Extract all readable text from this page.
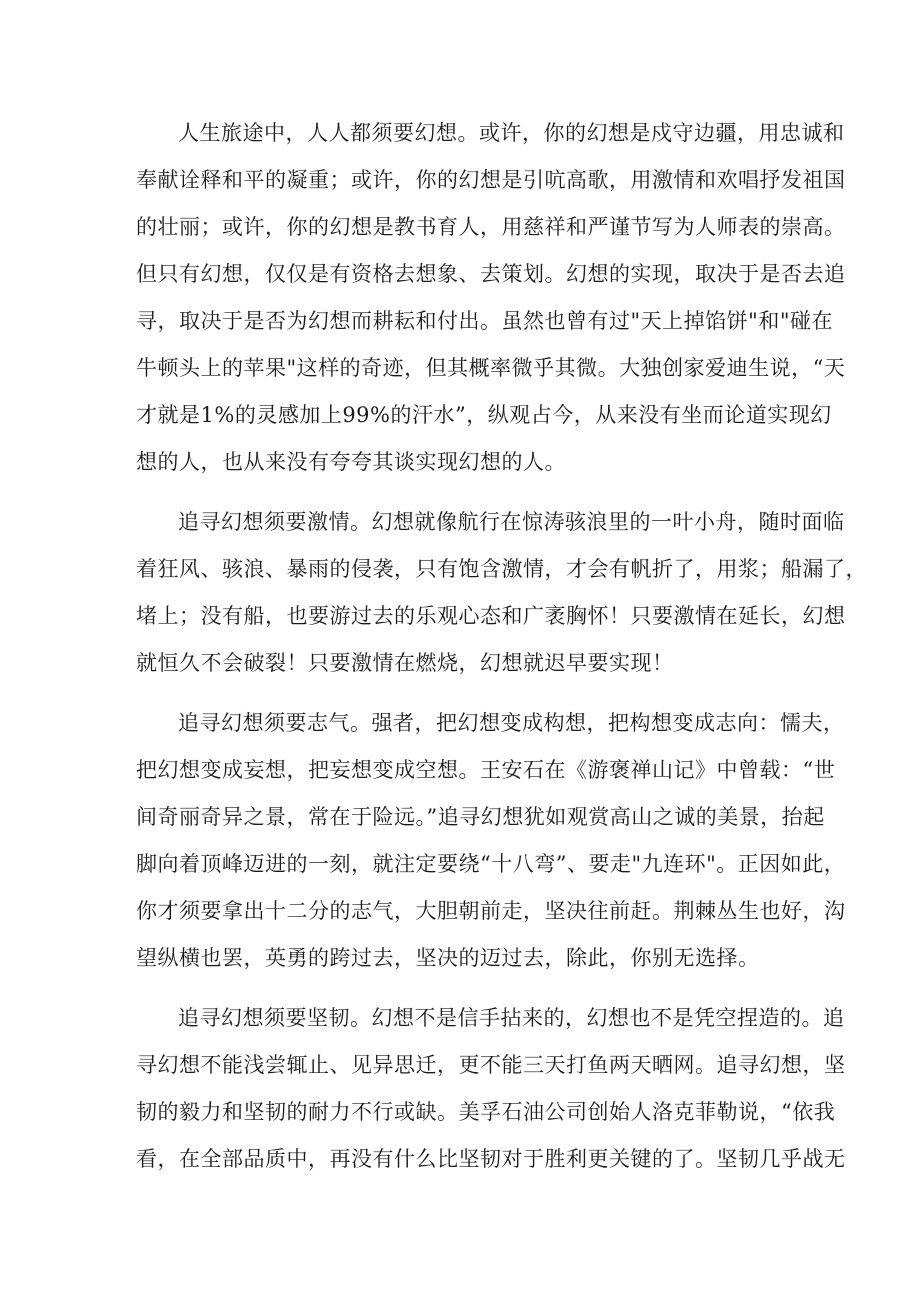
人生旅途中，人人都须要幻想。或许，你的幻想是戍守边疆，用忠诚和
奉献诠释和平的凝重；或许，你的幻想是引吭高歌，用激情和欢唱抒发祖国
的壮丽；或许，你的幻想是教书育人，用慈祥和严谨节写为人师表的崇高。
但只有幻想，仅仅是有资格去想象、去策划。幻想的实现，取决于是否去追
寻，取决于是否为幻想而耕耘和付出。虽然也曾有过"天上掉馅饼"和"碰在
牛顿头上的苹果"这样的奇迹，但其概率微乎其微。大独创家爱迪生说，“天
才就是1%的灵感加上99%的汗水”，纵观占今，从来没有坐而论道实现幻
想的人，也从来没有夸夸其谈实现幻想的人。
追寻幻想须要激情。幻想就像航行在惊涛骇浪里的一叶小舟，随时面临
着狂风、骇浪、暴雨的侵袭，只有饱含激情，才会有帆折了，用浆；船漏了，
堵上；没有船，也要游过去的乐观心态和广袤胸怀！只要激情在延长，幻想
就恒久不会破裂！只要激情在燃烧，幻想就迟早要实现！
追寻幻想须要志气。强者，把幻想变成构想，把构想变成志向：懦夫，
把幻想变成妄想，把妄想变成空想。王安石在《游褒禅山记》中曾载：“世
间奇丽奇异之景，常在于险远。”追寻幻想犹如观赏高山之诚的美景，抬起
脚向着顶峰迈进的一刻，就注定要绕“十八弯”、要走"九连环"。正因如此，
你才须要拿出十二分的志气，大胆朝前走，坚决往前赶。荆棘丛生也好，沟
望纵横也罢，英勇的跨过去，坚决的迈过去，除此，你别无选择。
追寻幻想须要坚韧。幻想不是信手拈来的，幻想也不是凭空捏造的。追
寻幻想不能浅尝辄止、见异思迁，更不能三天打鱼两天晒网。追寻幻想，坚
韧的毅力和坚韧的耐力不行或缺。美孚石油公司创始人洛克菲勒说，“依我
看，在全部品质中，再没有什么比坚韧对于胜利更关键的了。坚韧几乎战无
